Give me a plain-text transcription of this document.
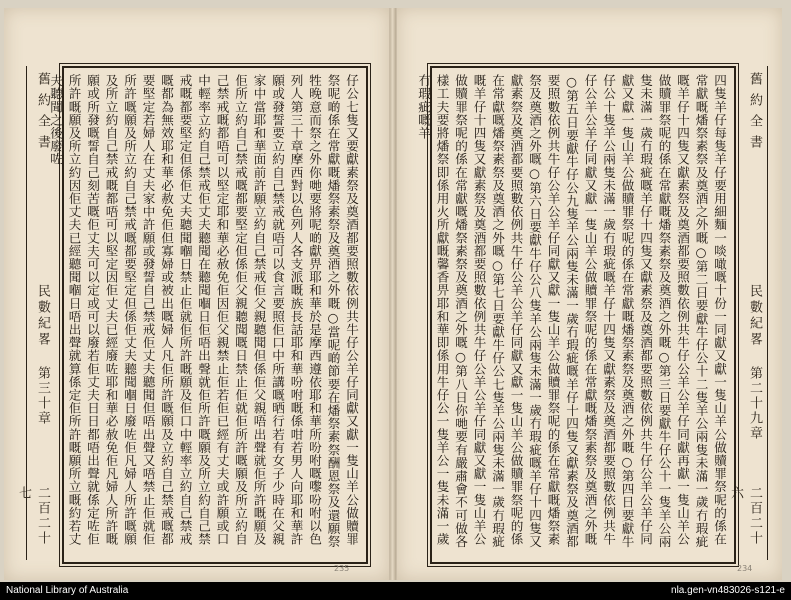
舊約全書
民數紀畧
第三十章
二百二十七	仔公七隻又要獻素祭及奠酒都要照數依例共牛仔公羊仔同獻又獻一隻山羊公做贖罪祭呢啲係在常獻嘅燔祭素祭及奠酒之外嘅○當呢啲節要在燔祭素祭酬恩祭及還願祭牲晚意而祭之外你哋要將呢啲獻畀耶和華於是摩西遵依耶和華所吩咐嘅嚟吩咐以色列人第三十章摩西對以色列人各支派嘅族長話耶和華吩咐嘅係咁若男人向耶和華許願或發誓要立約自己禁戒就唔可以食言要照佢口中所講嘅晒行若有女子少時在父親家中當耶和華面前許願立約自己禁戒佢父親聽聞但係佢父親唔出聲就佢所許嘅願及佢所立約自己禁戒嘅都要堅定但係佢父親聽聞嘅日禁止佢就佢所許嘅願及所立約自己禁戒嘅都唔可以堅定耶和華必赦免佢因佢父親禁止佢若佢已經有丈夫或許願或口中輕率立約自己禁戒佢丈夫聽聞在聽聞嗰日佢唔出聲就佢所許嘅願及所立約自己禁戒嘅都要堅定但係佢丈夫聽聞嗰日禁止佢就佢所許嘅願及佢口中輕率立約自己禁戒嘅都為無效耶和華必赦免佢但寡婦或被出嘅婦人凡佢所許嘅願及立約自己禁戒嘅都要堅定若婦人在丈夫家中許願或發誓自己禁戒佢丈夫聽聞但唔出聲又唔禁止佢就佢所許嘅願及所立約自己禁戒嘅都要堅定但係佢丈夫聽聞嗰日廢咗佢凡婦人所許嘅願及所立約自己禁戒嘅都唔可以堅定因佢丈夫已經廢咗耶和華必赦免佢凡婦人所許嘅願或所發嘅誓自己刻苦嘅佢丈夫可以定或可以廢若佢丈夫日日都唔出聲就係定咗佢所許嘅願及所立約因佢丈夫已經聽聞嗰日唔出聲就算係定佢所許嘅願所立嘅約若丈夫聽聞之後廢咗
235
四隻羊仔每隻羊仔要用細麵一啖噉嘅十份一同獻又獻一隻山羊公做贖罪祭呢的係在常獻嘅燔祭素祭及奠酒之外嘅○第二日要獻牛仔公十二隻羊公兩隻未滿一歲冇瑕疵嘅羊仔十四隻又獻素祭及奠酒都要照數依例共牛仔公羊公羊仔同獻再獻一隻山羊公做贖罪祭呢的係在常獻嘅燔祭素祭及奠酒之外嘅○第三日要獻牛仔公十一隻羊公兩隻未滿一歲冇瑕疵嘅羊仔十四隻又獻素祭及奠酒都要照數依例共牛仔公羊公羊仔同獻又獻一隻山羊公做贖罪祭呢的係在常獻嘅燔祭素祭及奠酒之外嘅○第四日要獻牛仔公十隻羊公兩隻未滿一歲冇瑕疵嘅羊仔十四隻又獻素祭及奠酒都要照數依例共牛仔公羊公羊仔同獻又獻一隻山羊公做贖罪祭呢的係在常獻嘅燔祭素祭及奠酒之外嘅○第五日要獻牛仔公九隻羊公兩隻未滿一歲冇瑕疵嘅羊仔十四隻又獻素祭及奠酒都要照數依例共牛仔公羊公羊仔同獻又獻一隻山羊公做贖罪祭呢的係在常獻嘅燔祭素祭及奠酒之外嘅○第六日要獻牛仔公八隻羊公兩隻未滿一歲冇瑕疵嘅羊仔十四隻又獻素祭及奠酒都要照數依例共牛仔公羊公羊仔同獻又獻一隻山羊公做贖罪祭呢的係在常獻嘅燔祭素祭及奠酒之外嘅○第七日要獻牛仔公七隻羊公兩隻未滿一歲冇瑕疵嘅羊仔十四隻又獻素祭及奠酒都要照數依例共牛仔公羊公羊仔同獻又獻一隻山羊公做贖罪祭呢的係在常獻嘅燔祭素祭及奠酒之外嘅○第八日你哋要有嚴肅會不可做各樣工夫要將燔祭即係用火所獻嘅馨香畀耶和華即係用牛仔公一隻羊公一隻未滿一歲冇瑕疵嘅羊	舊約全書
民數紀畧
第二十九章
二百二十六
234
National Library of Australia	nla.gen-vn483026-s121-e
